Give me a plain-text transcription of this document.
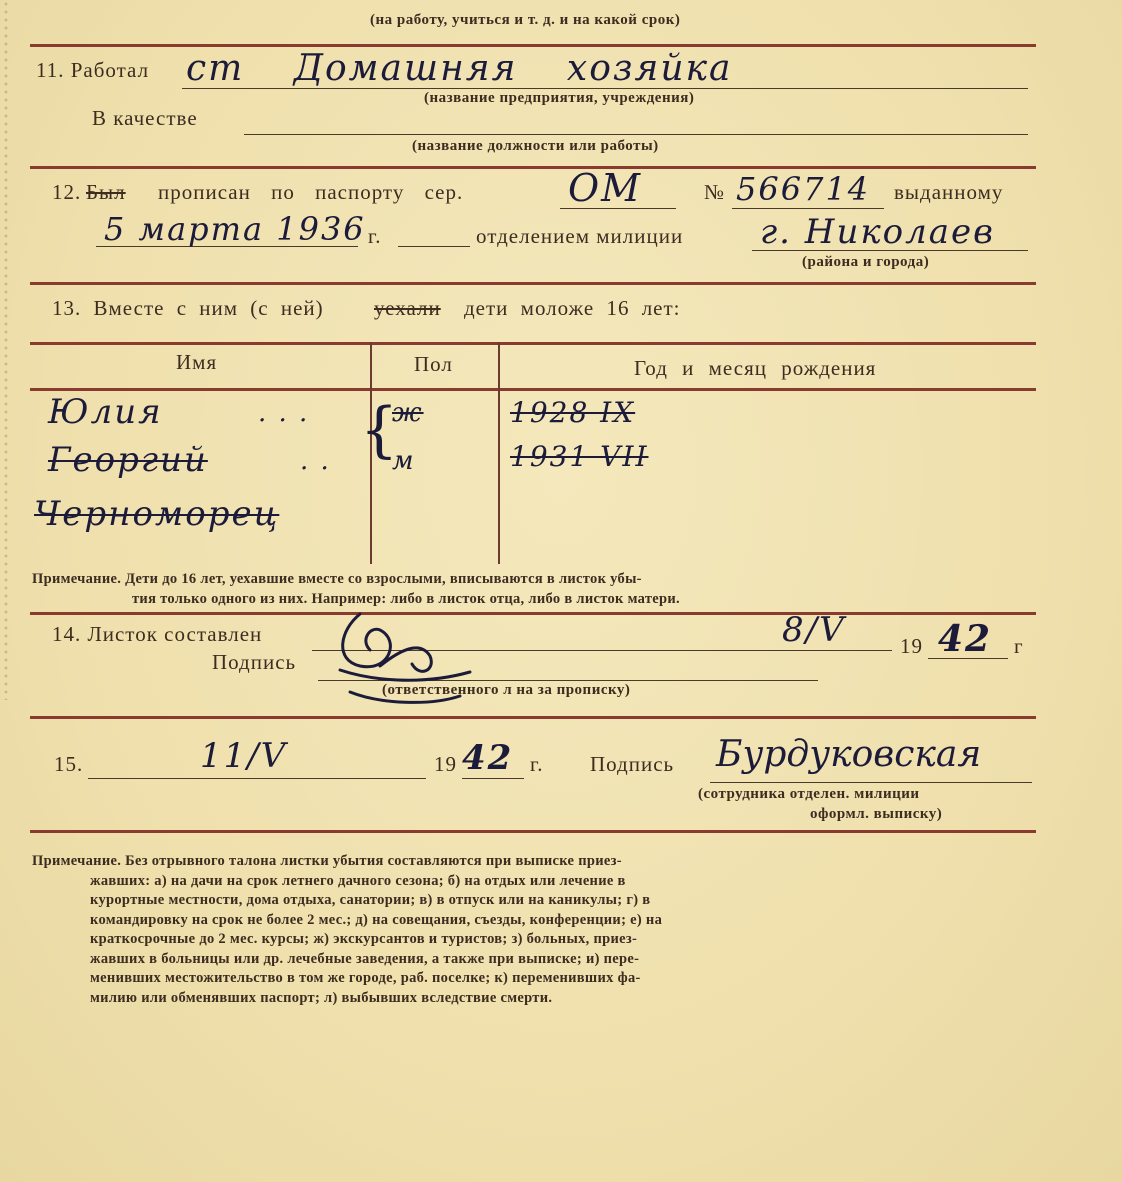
(на работу, учиться и т. д. и на какой срок)
11. Работал ст Домашняя хозяйка
(название предприятия, учреждения)
В качестве
(название должности или работы)
12. Был прописан по паспорту сер.	ОМ	№ 566714 выданному
5 марта 1936 г.	отделением милиции г. Николаев
(района и города)
13. Вместе с ним (с ней) уехали дети моложе 16 лет:
Имя	Пол	Год и месяц рождения
Юлия	. . .	ж	1928 IX
Георгий	. . м	1931 VII
Черноморец
{
Примечание. Дети до 16 лет, уехавшие вместе со взрослыми, вписываются в листок убы-
тия только одного из них. Например: либо в листок отца, либо в листок матери.
14. Листок составлен	8/V	19 42 г
Подпись
(ответственного л на за прописку)
15.	11/V	19 42 г. Подпись Бурдуковская
(сотрудника отделен. милиции
оформл. выписку)
Примечание. Без отрывного талона листки убытия составляются при выписке приез-
жавших: а) на дачи на срок летнего дачного сезона; б) на отдых или лечение в
курортные местности, дома отдыха, санатории; в) в отпуск или на каникулы; г) в
командировку на срок не более 2 мес.; д) на совещания, съезды, конференции; е) на
краткосрочные до 2 мес. курсы; ж) экскурсантов и туристов; з) больных, приез-
жавших в больницы или др. лечебные заведения, а также при выписке; и) пере-
менивших местожительство в том же городе, раб. поселке; к) переменивших фа-
милию или обменявших паспорт; л) выбывших вследствие смерти.
